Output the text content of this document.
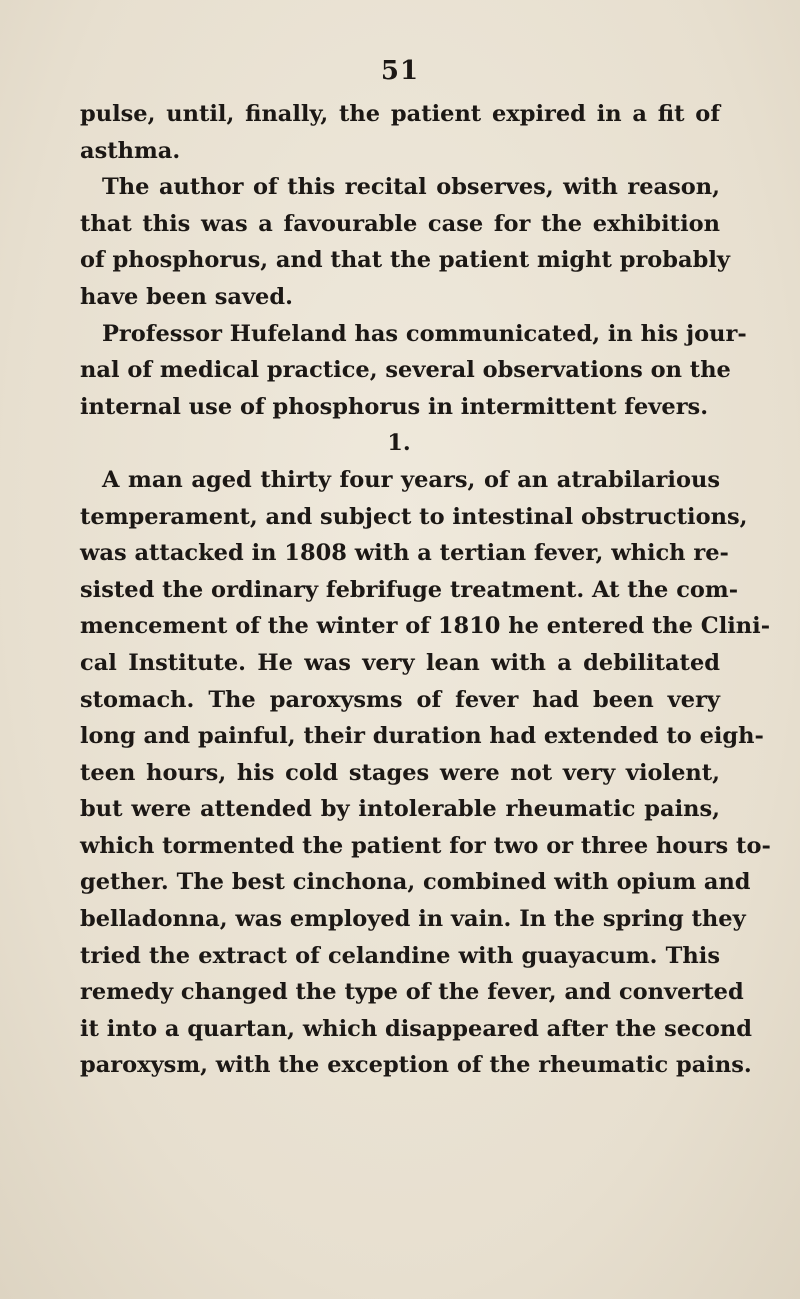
51
pulse, until, finally, the patient expired in a fit of
asthma.
The author of this recital observes, with reason,
that this was a favourable case for the exhibition
of phosphorus, and that the patient might probably
have been saved.
Professor Hufeland has communicated, in his jour-
nal of medical practice, several observations on the
internal use of phosphorus in intermittent fevers.
1.
A man aged thirty four years, of an atrabilarious
temperament, and subject to intestinal obstructions,
was attacked in 1808 with a tertian fever, which re-
sisted the ordinary febrifuge treatment. At the com-
mencement of the winter of 1810 he entered the Clini-
cal Institute. He was very lean with a debilitated
stomach. The paroxysms of fever had been very
long and painful, their duration had extended to eigh-
teen hours, his cold stages were not very violent,
but were attended by intolerable rheumatic pains,
which tormented the patient for two or three hours to-
gether. The best cinchona, combined with opium and
belladonna, was employed in vain. In the spring they
tried the extract of celandine with guayacum. This
remedy changed the type of the fever, and converted
it into a quartan, which disappeared after the second
paroxysm, with the exception of the rheumatic pains.
